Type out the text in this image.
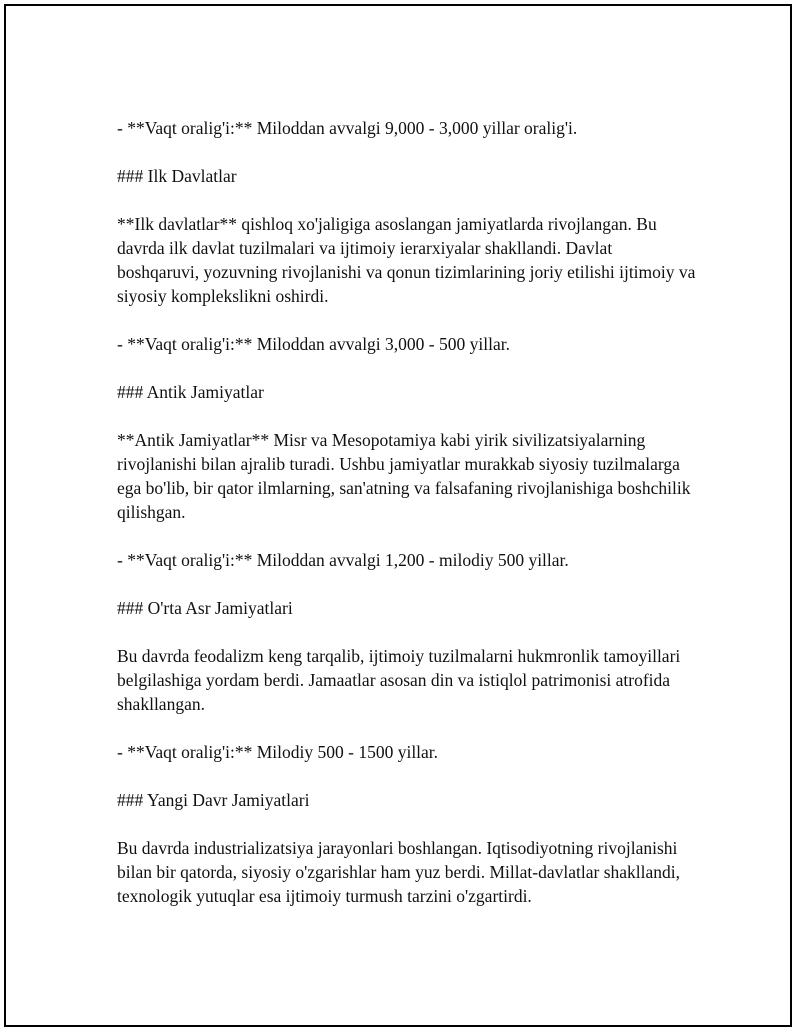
- **Vaqt oralig'i:** Miloddan avvalgi 9,000 - 3,000 yillar oralig'i.

### Ilk Davlatlar

**Ilk davlatlar** qishloq xo'jaligiga asoslangan jamiyatlarda rivojlangan. Bu davrda ilk davlat tuzilmalari va ijtimoiy ierarxiyalar shakllandi. Davlat boshqaruvi, yozuvning rivojlanishi va qonun tizimlarining joriy etilishi ijtimoiy va siyosiy komplekslikni oshirdi.

- **Vaqt oralig'i:** Miloddan avvalgi 3,000 - 500 yillar.

### Antik Jamiyatlar

**Antik Jamiyatlar** Misr va Mesopotamiya kabi yirik sivilizatsiyalarning rivojlanishi bilan ajralib turadi. Ushbu jamiyatlar murakkab siyosiy tuzilmalarga ega bo'lib, bir qator ilmlarning, san'atning va falsafaning rivojlanishiga boshchilik qilishgan.

- **Vaqt oralig'i:** Miloddan avvalgi 1,200 - milodiy 500 yillar.

### O'rta Asr Jamiyatlari

Bu davrda feodalizm keng tarqalib, ijtimoiy tuzilmalarni hukmronlik tamoyillari belgilashiga yordam berdi. Jamaatlar asosan din va istiqlol patrimonisi atrofida shakllangan.

- **Vaqt oralig'i:** Milodiy 500 - 1500 yillar.

### Yangi Davr Jamiyatlari

Bu davrda industrializatsiya jarayonlari boshlangan. Iqtisodiyotning rivojlanishi bilan bir qatorda, siyosiy o'zgarishlar ham yuz berdi. Millat-davlatlar shakllandi, texnologik yutuqlar esa ijtimoiy turmush tarzini o'zgartirdi.
